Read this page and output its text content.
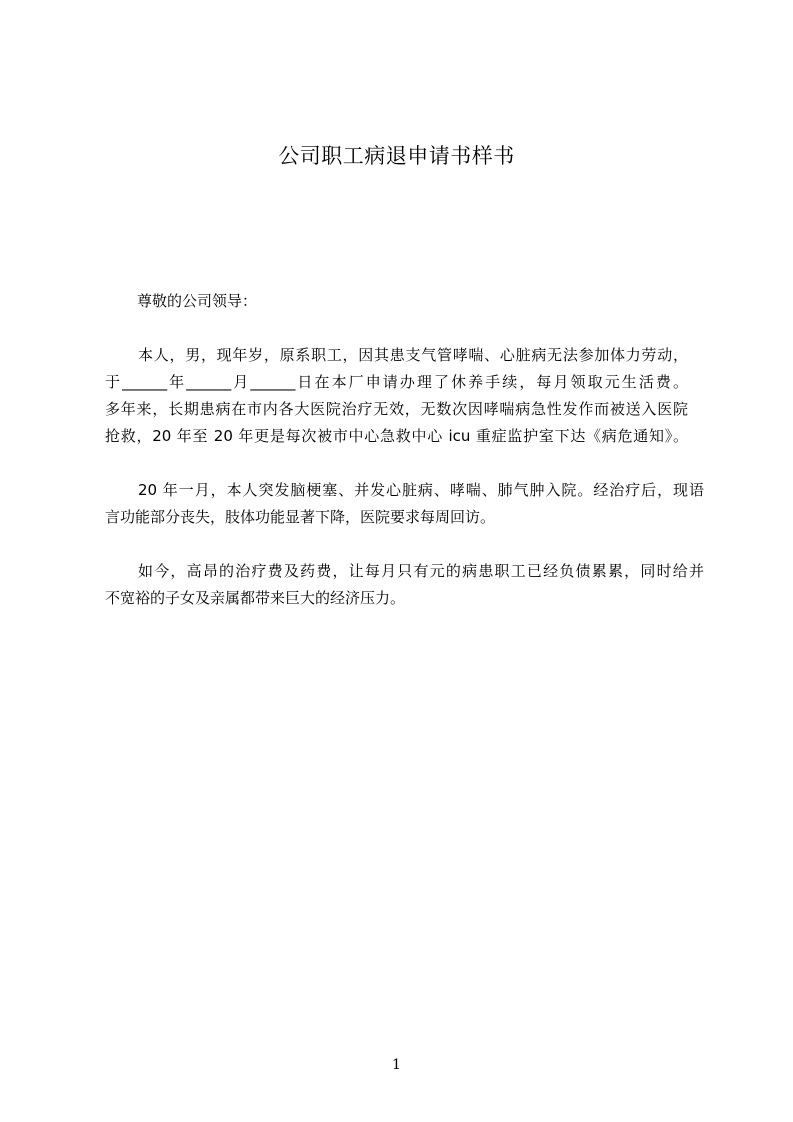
公司职工病退申请书样书
尊敬的公司领导：
本人，男，现年岁，原系职工，因其患支气管哮喘、心脏病无法参加体力劳动，
于______年______月______日在本厂申请办理了休养手续，每月领取元生活费。
多年来，长期患病在市内各大医院治疗无效，无数次因哮喘病急性发作而被送入医院
抢救，20 年至 20 年更是每次被市中心急救中心 icu 重症监护室下达《病危通知》。
20 年一月，本人突发脑梗塞、并发心脏病、哮喘、肺气肿入院。经治疗后，现语
言功能部分丧失，肢体功能显著下降，医院要求每周回访。
如今，高昂的治疗费及药费，让每月只有元的病患职工已经负债累累，同时给并
不宽裕的子女及亲属都带来巨大的经济压力。
1
